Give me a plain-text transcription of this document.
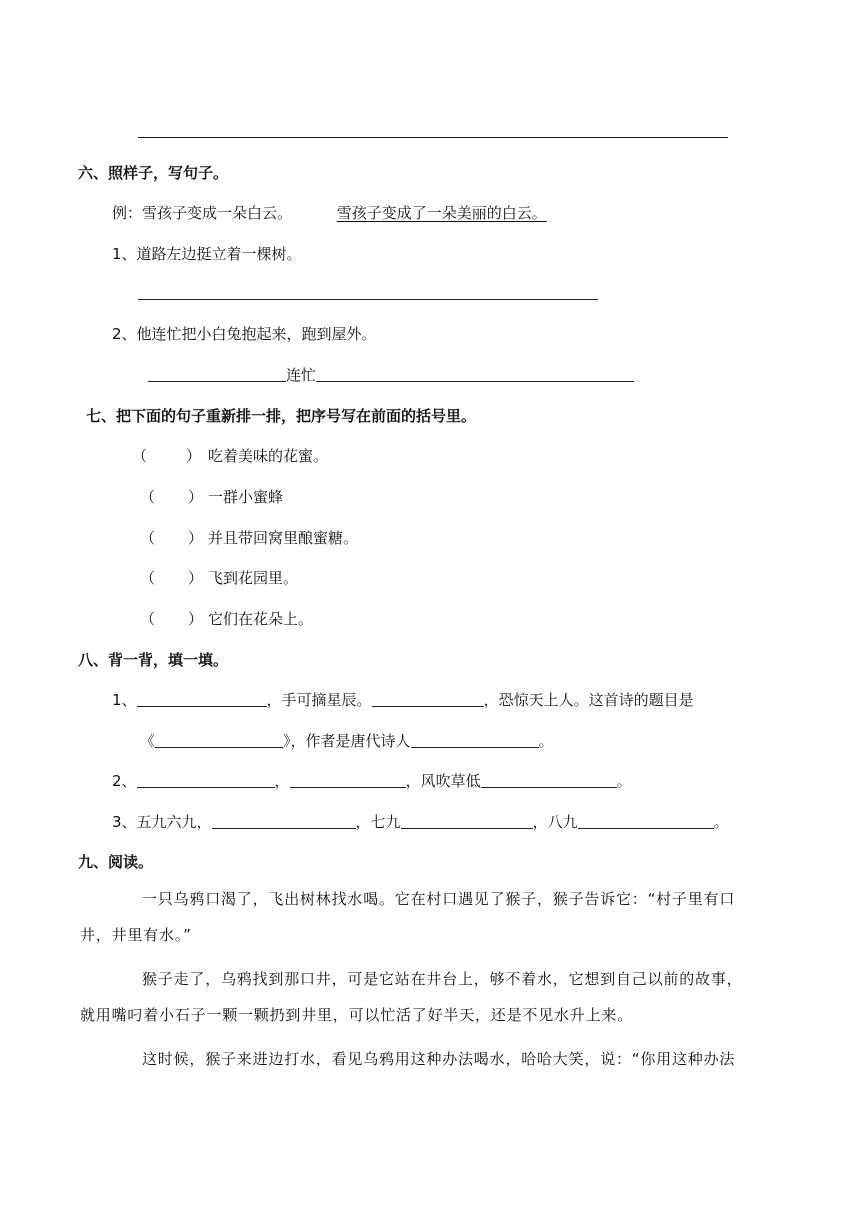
六、照样子，写句子。
例：雪孩子变成一朵白云。	雪孩子变成了一朵美丽的白云。
1、道路左边挺立着一棵树。
2、他连忙把小白兔抱起来，跑到屋外。
连忙
七、把下面的句子重新排一排，把序号写在前面的括号里。
（	） 吃着美味的花蜜。
（ ） 一群小蜜蜂
（ ） 并且带回窝里酿蜜糖。
（ ） 飞到花园里。
（ ） 它们在花朵上。
八、背一背，填一填。
1、	，手可摘星辰。	，恐惊天上人。这首诗的题目是
《	》，作者是唐代诗人	。
2、	，	，风吹草低	。
3、五九六九，	，七九	，八九	。
九、阅读。
一只乌鸦口渴了，飞出树林找水喝。它在村口遇见了猴子，猴子告诉它：“村子里有口
井，井里有水。”
猴子走了，乌鸦找到那口井，可是它站在井台上，够不着水，它想到自己以前的故事，
就用嘴叼着小石子一颗一颗扔到井里，可以忙活了好半天，还是不见水升上来。
这时候，猴子来进边打水，看见乌鸦用这种办法喝水，哈哈大笑，说：“你用这种办法
